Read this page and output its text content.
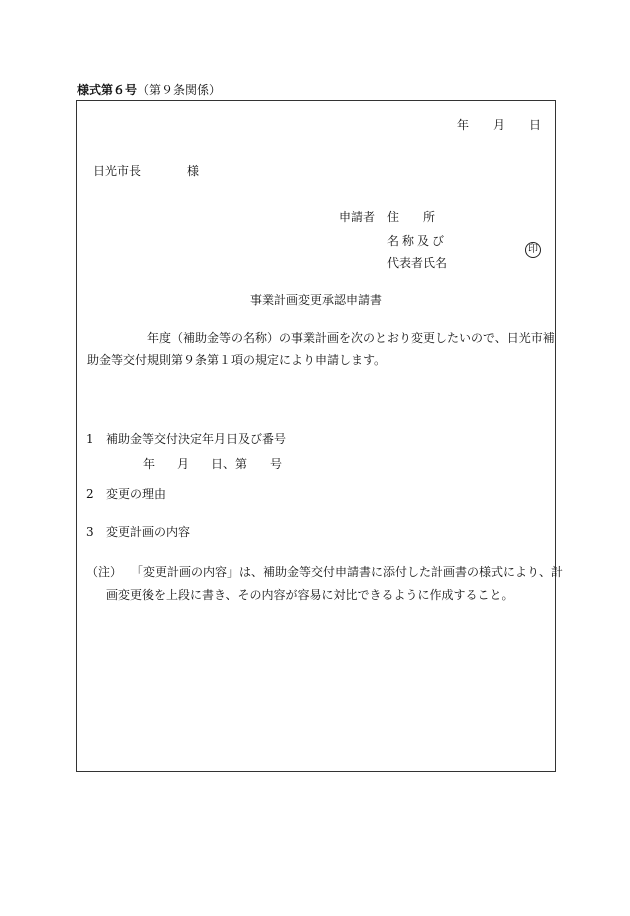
様式第６号（第９条関係）
年 月 日
日光市長	様
申請者 住　　所
名称及び
代表者氏名
印
事業計画変更承認申請書
　　　　　年度（補助金等の名称）の事業計画を次のとおり変更したいので、日光市補
助金等交付規則第９条第１項の規定により申請します。
1 補助金等交付決定年月日及び番号
年 月 日、第 号
2 変更の理由
3 変更計画の内容
（注） 「変更計画の内容」は、補助金等交付申請書に添付した計画書の様式により、計
画変更後を上段に書き、その内容が容易に対比できるように作成すること。
